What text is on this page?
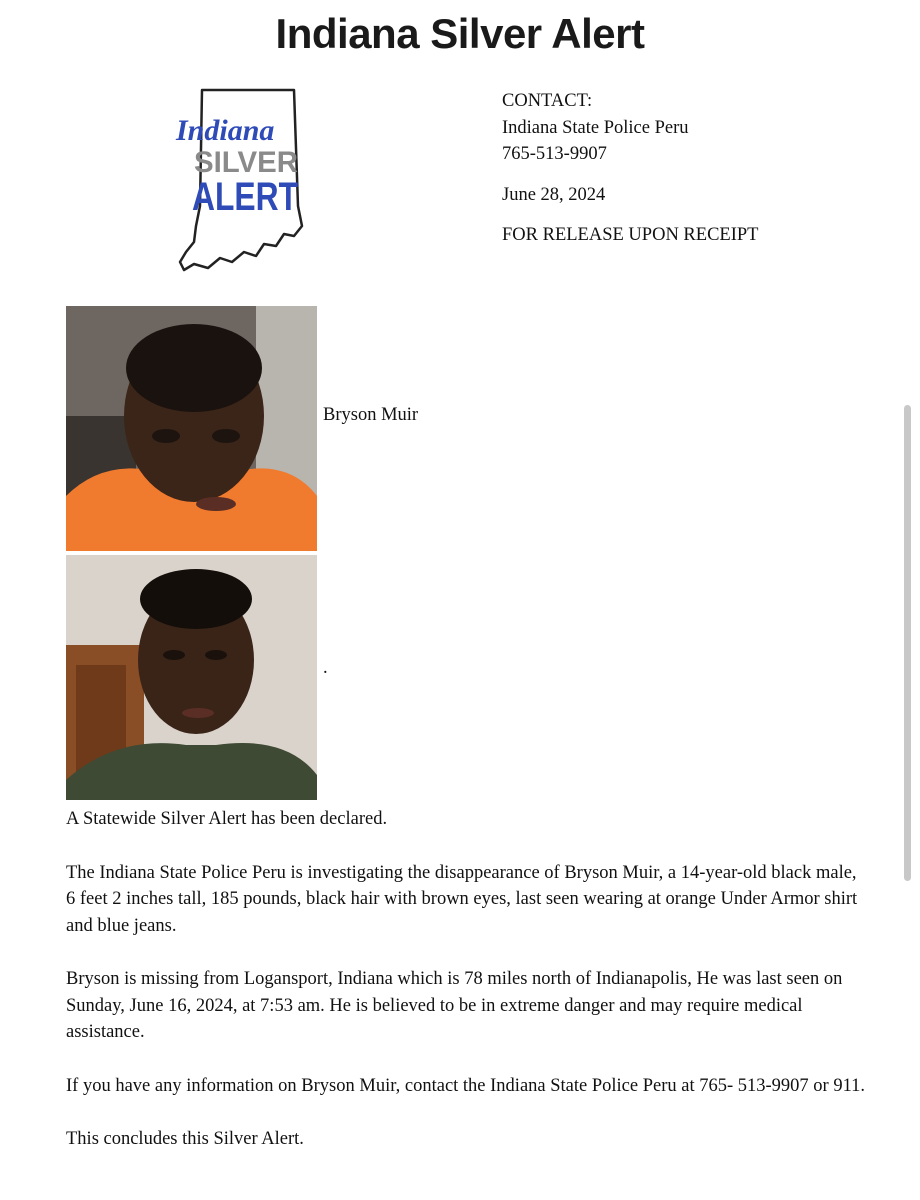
Indiana Silver Alert
Indiana
SILVER
ALERT
CONTACT:
Indiana State Police Peru
765-513-9907
June 28, 2024
FOR RELEASE UPON RECEIPT
Bryson Muir
.

A Statewide Silver Alert has been declared.

The Indiana State Police Peru is investigating the disappearance of Bryson Muir, a 14-year-old black male, 6 feet 2 inches tall, 185 pounds, black hair with brown eyes, last seen wearing at orange Under Armor shirt and blue jeans.

Bryson is missing from Logansport, Indiana which is 78 miles north of Indianapolis, He was last seen on Sunday, June 16, 2024, at 7:53 am. He is believed to be in extreme danger and may require medical assistance.

If you have any information on Bryson Muir, contact the Indiana State Police Peru at 765- 513-9907 or 911.

This concludes this Silver Alert.
